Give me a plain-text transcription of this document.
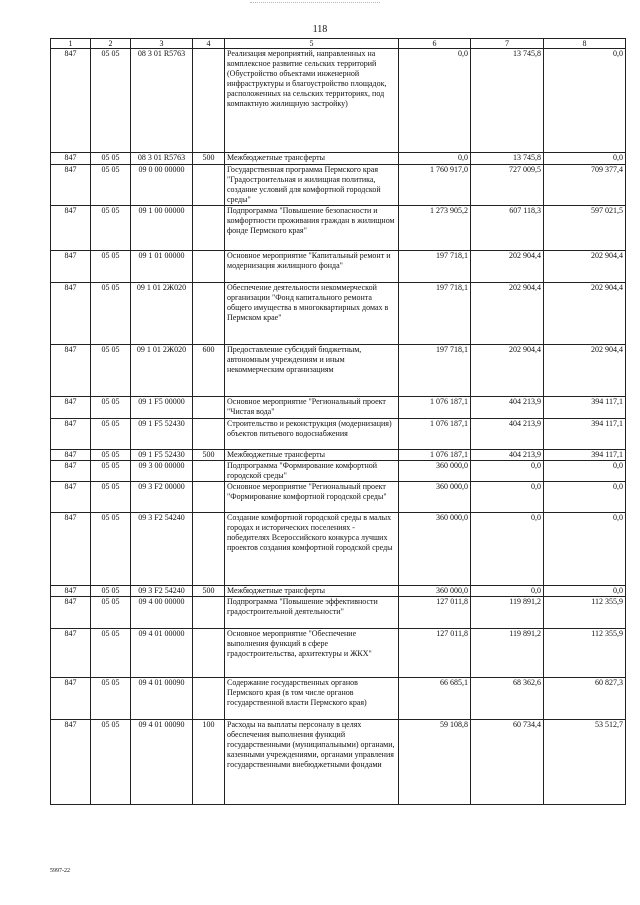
118
1	2	3	4	5	6	7	8
847	05 05	08 3 01 R5763		Реализация мероприятий, направленных на комплексное развитие сельских территорий (Обустройство объектами инженерной инфраструктуры и благоустройство площадок, расположенных на сельских территориях, под компактную жилищную застройку)	0,0	13 745,8	0,0
847	05 05	08 3 01 R5763	500	Межбюджетные трансферты	0,0	13 745,8	0,0
847	05 05	09 0 00 00000		Государственная программа Пермского края "Градостроительная и жилищная политика, создание условий для комфортной городской среды"	1 760 917,0	727 009,5	709 377,4
847	05 05	09 1 00 00000		Подпрограмма "Повышение безопасности и комфортности проживания граждан в жилищном фонде Пермского края"	1 273 905,2	607 118,3	597 021,5
847	05 05	09 1 01 00000		Основное мероприятие "Капитальный ремонт и модернизация жилищного фонда"	197 718,1	202 904,4	202 904,4
847	05 05	09 1 01 2Ж020		Обеспечение деятельности некоммерческой организации "Фонд капитального ремонта общего имущества в многоквартирных домах в Пермском крае"	197 718,1	202 904,4	202 904,4
847	05 05	09 1 01 2Ж020	600	Предоставление субсидий бюджетным, автономным учреждениям и иным некоммерческим организациям	197 718,1	202 904,4	202 904,4
847	05 05	09 1 F5 00000		Основное мероприятие "Региональный проект "Чистая вода"	1 076 187,1	404 213,9	394 117,1
847	05 05	09 1 F5 52430		Строительство и реконструкция (модернизация) объектов питьевого водоснабжения	1 076 187,1	404 213,9	394 117,1
847	05 05	09 1 F5 52430	500	Межбюджетные трансферты	1 076 187,1	404 213,9	394 117,1
847	05 05	09 3 00 00000		Подпрограмма "Формирование комфортной городской среды"	360 000,0	0,0	0,0
847	05 05	09 3 F2 00000		Основное мероприятие "Региональный проект "Формирование комфортной городской среды"	360 000,0	0,0	0,0
847	05 05	09 3 F2 54240		Создание комфортной городской среды в малых городах и исторических поселениях - победителях Всероссийского конкурса лучших проектов создания комфортной городской среды	360 000,0	0,0	0,0
847	05 05	09 3 F2 54240	500	Межбюджетные трансферты	360 000,0	0,0	0,0
847	05 05	09 4 00 00000		Подпрограмма "Повышение эффективности градостроительной деятельности"	127 011,8	119 891,2	112 355,9
847	05 05	09 4 01 00000		Основное мероприятие "Обеспечение выполнения функций в сфере градостроительства, архитектуры и ЖКХ"	127 011,8	119 891,2	112 355,9
847	05 05	09 4 01 00090		Содержание государственных органов Пермского края (в том числе органов государственной власти Пермского края)	66 685,1	68 362,6	60 827,3
847	05 05	09 4 01 00090	100	Расходы на выплаты персоналу в целях обеспечения выполнения функций государственными (муниципальными) органами, казенными учреждениями, органами управления государственными внебюджетными фондами	59 108,8	60 734,4	53 512,7
5997-22
